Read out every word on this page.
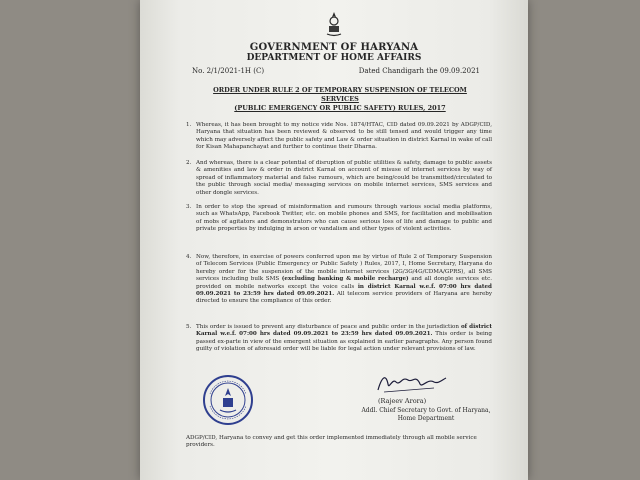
GOVERNMENT OF HARYANA
DEPARTMENT OF HOME AFFAIRS
No. 2/1/2021-1H (C)	Dated Chandigarh the 09.09.2021
ORDER UNDER RULE 2 OF TEMPORARY SUSPENSION OF TELECOM SERVICES
(PUBLIC EMERGENCY OR PUBLIC SAFETY) RULES, 2017
1. Whereas, it has been brought to my notice vide Nos. 1874/HTAC, CID dated 09.09.2021 by ADGP/CID, Haryana that situation has been reviewed & observed to be still tensed and would trigger any time which may adversely affect the public safety and Law & order situation in district Karnal in wake of call for Kisan Mahapanchayat and further to continue their Dharna.
2. And whereas, there is a clear potential of disruption of public utilities & safety, damage to public assets & amenities and law & order in district Karnal on account of misuse of internet services by way of spread of inflammatory material and false rumours, which are being/could be transmitted/circulated to the public through social media/ messaging services on mobile internet services, SMS services and other dongle services.
3. In order to stop the spread of misinformation and rumours through various social media platforms, such as WhatsApp, Facebook Twitter, etc. on mobile phones and SMS, for facilitation and mobilisation of mobs of agitators and demonstrators who can cause serious loss of life and damage to public and private properties by indulging in arson or vandalism and other types of violent activities.
4. Now, therefore, in exercise of powers conferred upon me by virtue of Rule 2 of Temporary Suspension of Telecom Services (Public Emergency or Public Safety ) Rules, 2017, I, Home Secretary, Haryana do hereby order for the suspension of the mobile internet services (2G/3G/4G/CDMA/GPRS), all SMS services including bulk SMS (excluding banking & mobile recharge) and all dongle services etc. provided on mobile networks except the voice calls in district Karnal w.e.f. 07:00 hrs dated 09.09.2021 to 23:59 hrs dated 09.09.2021. All telecom service providers of Haryana are hereby directed to ensure the compliance of this order.
5. This order is issued to prevent any disturbance of peace and public order in the jurisdiction of district Karnal w.e.f. 07:00 hrs dated 09.09.2021 to 23:59 hrs dated 09.09.2021. This order is being passed ex-parte in view of the emergent situation as explained in earlier paragraphs. Any person found guilty of violation of aforesaid order will be liable for legal action under relevant provisions of law.
(Rajeev Arora)
Addl. Chief Secretary to Govt. of Haryana,
Home Department
ADGP/CID, Haryana to convey and get this order implemented immediately through all mobile service providers.
